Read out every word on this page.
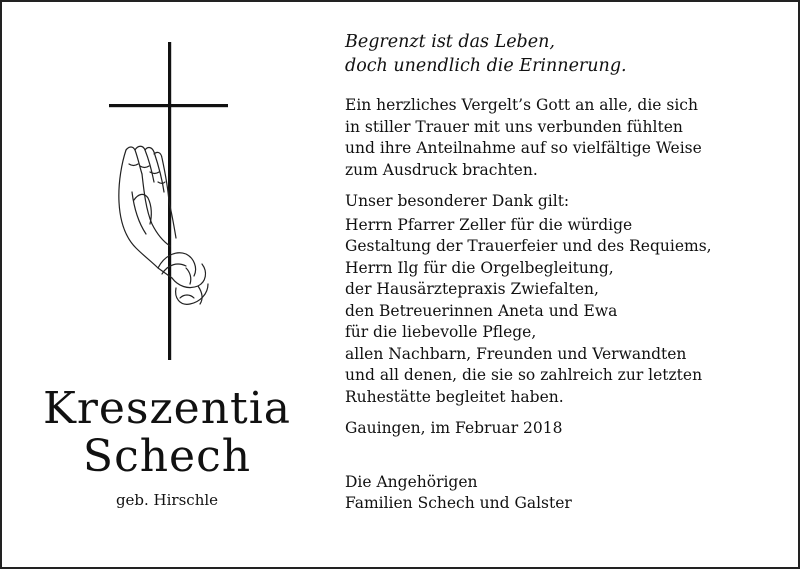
Kreszentia
Schech
geb. Hirschle
Begrenzt ist das Leben,
doch unendlich die Erinnerung.
Ein herzliches Vergelt’s Gott an alle, die sich
in stiller Trauer mit uns verbunden fühlten
und ihre Anteilnahme auf so vielfältige Weise
zum Ausdruck brachten.
Unser besonderer Dank gilt:
Herrn Pfarrer Zeller für die würdige
Gestaltung der Trauerfeier und des Requiems,
Herrn Ilg für die Orgelbegleitung,
der Hausärztepraxis Zwiefalten,
den Betreuerinnen Aneta und Ewa
für die liebevolle Pflege,
allen Nachbarn, Freunden und Verwandten
und all denen, die sie so zahlreich zur letzten
Ruhestätte begleitet haben.
Gauingen, im Februar 2018
Die Angehörigen
Familien Schech und Galster
